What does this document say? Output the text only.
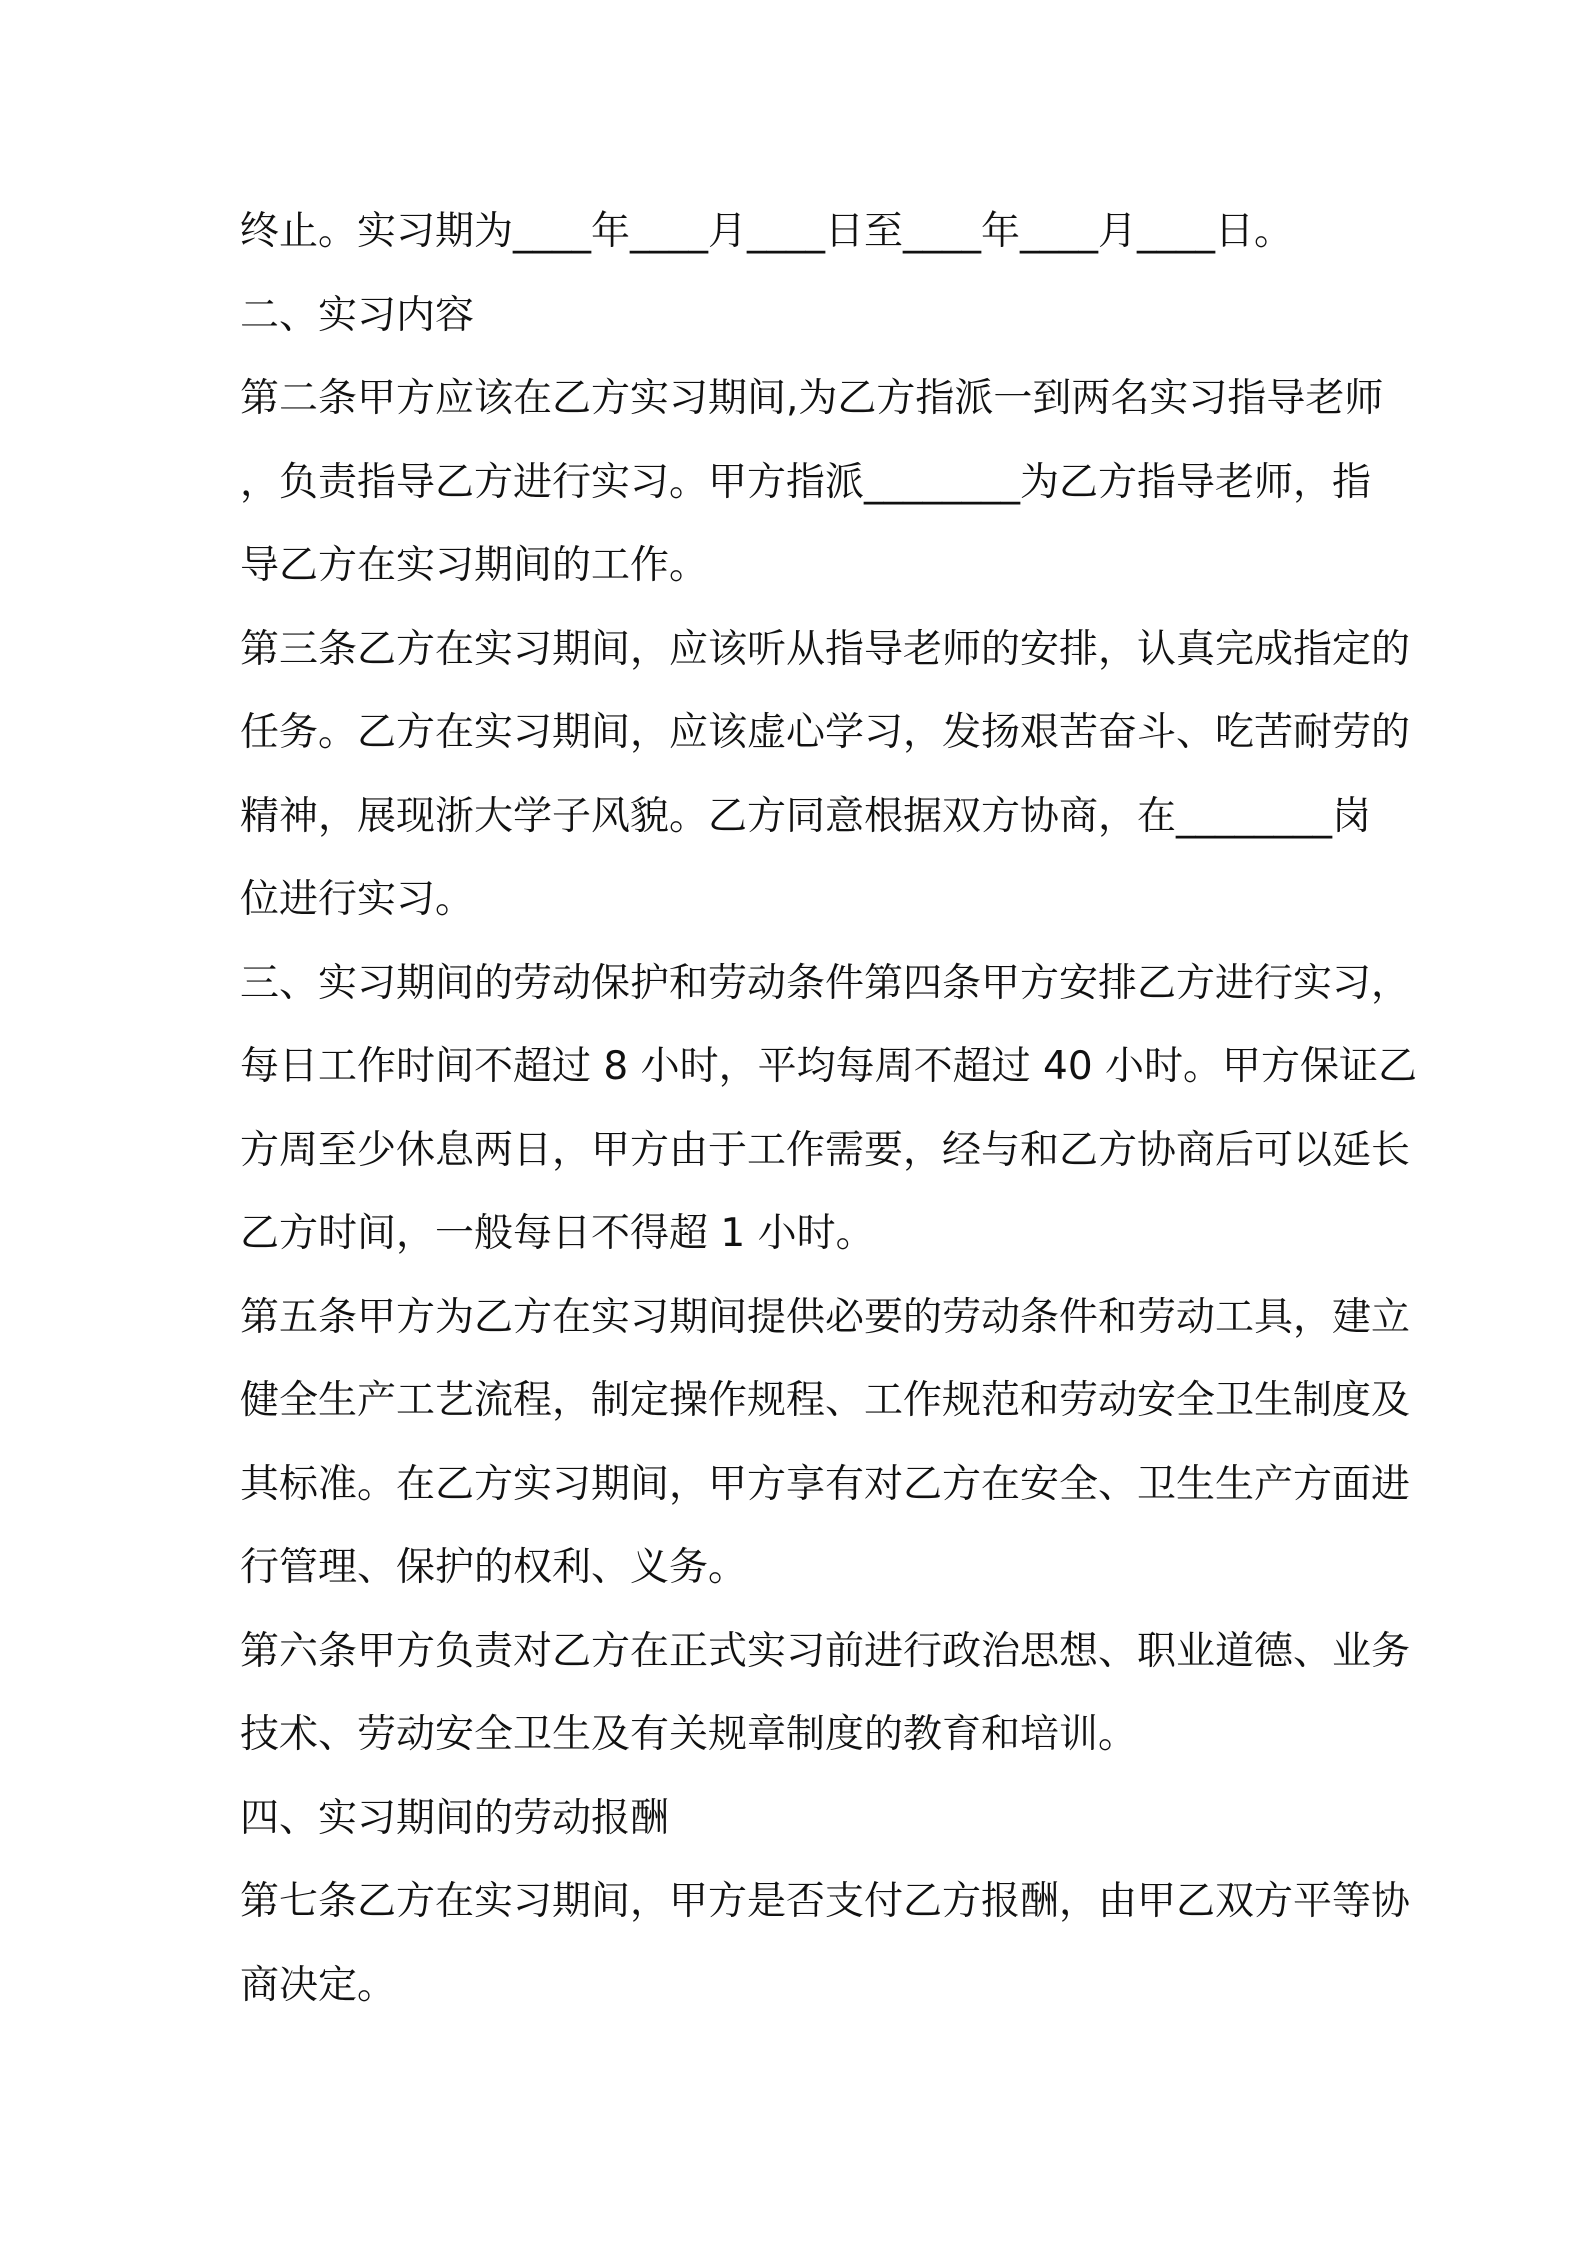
终止。实习期为____年____月____日至____年____月____日。
二、实习内容
第二条甲方应该在乙方实习期间,为乙方指派一到两名实习指导老师
，负责指导乙方进行实习。甲方指派________为乙方指导老师，指
导乙方在实习期间的工作。
第三条乙方在实习期间，应该听从指导老师的安排，认真完成指定的
任务。乙方在实习期间，应该虚心学习，发扬艰苦奋斗、吃苦耐劳的
精神，展现浙大学子风貌。乙方同意根据双方协商，在________岗
位进行实习。
三、实习期间的劳动保护和劳动条件第四条甲方安排乙方进行实习，
每日工作时间不超过 8 小时，平均每周不超过 40 小时。甲方保证乙
方周至少休息两日，甲方由于工作需要，经与和乙方协商后可以延长
乙方时间，一般每日不得超 1 小时。
第五条甲方为乙方在实习期间提供必要的劳动条件和劳动工具，建立
健全生产工艺流程，制定操作规程、工作规范和劳动安全卫生制度及
其标准。在乙方实习期间，甲方享有对乙方在安全、卫生生产方面进
行管理、保护的权利、义务。
第六条甲方负责对乙方在正式实习前进行政治思想、职业道德、业务
技术、劳动安全卫生及有关规章制度的教育和培训。
四、实习期间的劳动报酬
第七条乙方在实习期间，甲方是否支付乙方报酬，由甲乙双方平等协
商决定。
